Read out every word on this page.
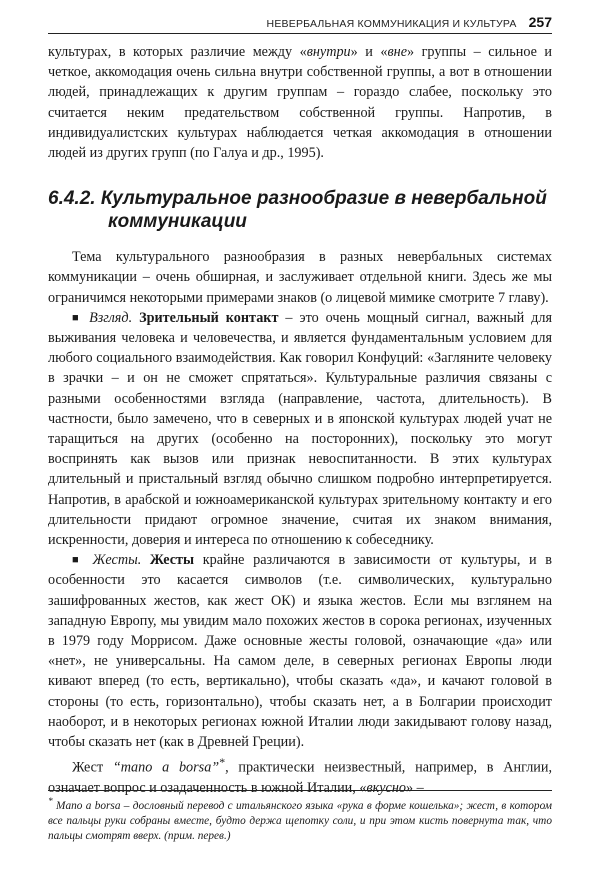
НЕВЕРБАЛЬНАЯ КОММУНИКАЦИЯ И КУЛЬТУРА 257

культурах, в которых различие между «внутри» и «вне» группы – сильное и четкое, аккомодация очень сильна внутри собственной группы, а вот в отношении людей, принадлежащих к другим группам – гораздо слабее, поскольку это считается неким предательством собственной группы. Напротив, в индивидуалистских культурах наблюдается четкая аккомодация в отношении людей из других групп (по Галуа и др., 1995).

6.4.2. Культуральное разнообразие в невербальной коммуникации

Тема культурального разнообразия в разных невербальных системах коммуникации – очень обширная, и заслуживает отдельной книги. Здесь же мы ограничимся некоторыми примерами знаков (о лицевой мимике смотрите 7 главу).

■ Взгляд. Зрительный контакт – это очень мощный сигнал, важный для выживания человека и человечества, и является фундаментальным условием для любого социального взаимодействия. Как говорил Конфуций: «Загляните человеку в зрачки – и он не сможет спрятаться». Культуральные различия связаны с разными особенностями взгляда (направление, частота, длительность). В частности, было замечено, что в северных и в японской культурах людей учат не таращиться на других (особенно на посторонних), поскольку это могут воспринять как вызов или признак невоспитанности. В этих культурах длительный и пристальный взгляд обычно слишком подробно интерпретируется. Напротив, в арабской и южноамериканской культурах зрительному контакту и его длительности придают огромное значение, считая их знаком внимания, искренности, доверия и интереса по отношению к собеседнику.

■ Жесты. Жесты крайне различаются в зависимости от культуры, и в особенности это касается символов (т.е. символических, культурально зашифрованных жестов, как жест ОК) и языка жестов. Если мы взглянем на западную Европу, мы увидим мало похожих жестов в сорока регионах, изученных в 1979 году Моррисом. Даже основные жесты головой, означающие «да» или «нет», не универсальны. На самом деле, в северных регионах Европы люди кивают вперед (то есть, вертикально), чтобы сказать «да», и качают головой в стороны (то есть, горизонтально), чтобы сказать нет, а в Болгарии происходит наоборот, и в некоторых регионах южной Италии люди закидывают голову назад, чтобы сказать нет (как в Древней Греции).

Жест “mano a borsa”*, практически неизвестный, например, в Англии, означает вопрос и озадаченность в южной Италии, «вкусно» –

* Mano a borsa – дословный перевод с итальянского языка «рука в форме кошелька»; жест, в котором все пальцы руки собраны вместе, будто держа щепотку соли, и при этом кисть повернута так, что пальцы смотрят вверх. (прим. перев.)
